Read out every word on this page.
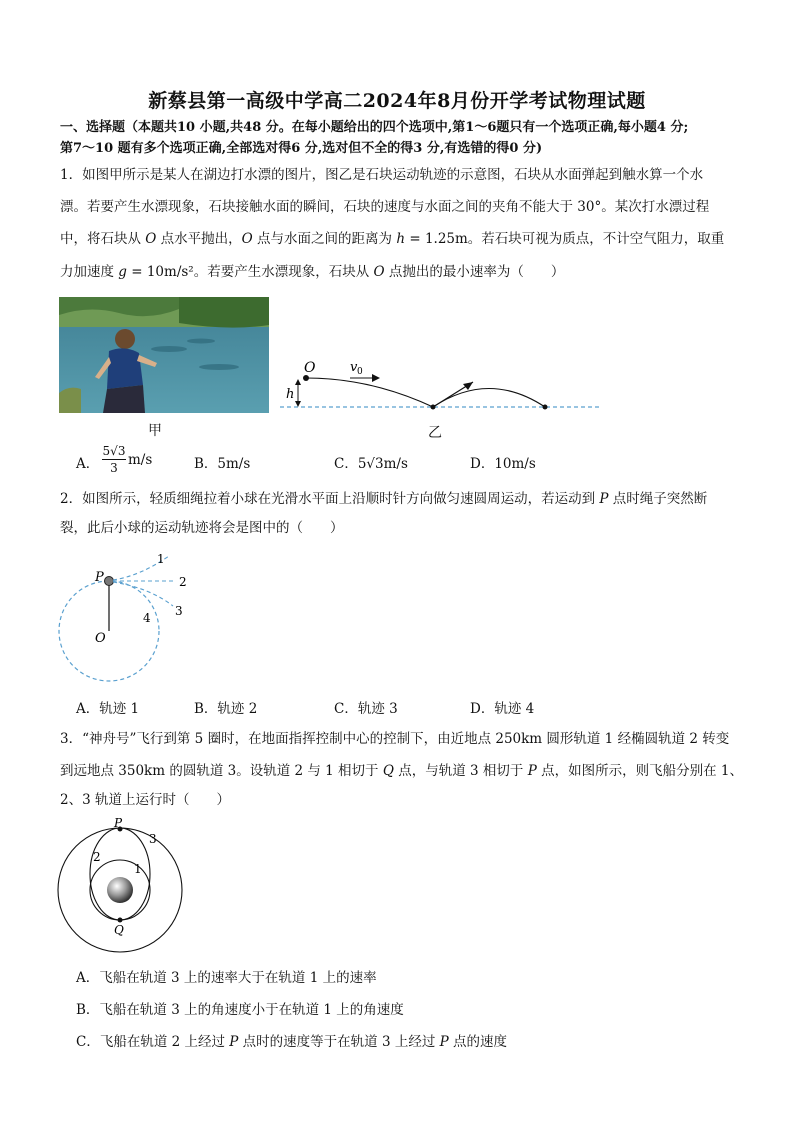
新蔡县第一高级中学高二2024年8月份开学考试物理试题
一、选择题（本题共10 小题,共48 分。在每小题给出的四个选项中,第1～6题只有一个选项正确,每小题4 分;
第7～10 题有多个选项正确,全部选对得6 分,选对但不全的得3 分,有选错的得0 分)
1．如图甲所示是某人在湖边打水漂的图片，图乙是石块运动轨迹的示意图，石块从水面弹起到触水算一个水
漂。若要产生水漂现象，石块接触水面的瞬间，石块的速度与水面之间的夹角不能大于 30°。某次打水漂过程
中，将石块从 O 点水平抛出，O 点与水面之间的距离为 h = 1.25m。若石块可视为质点，不计空气阻力，取重
力加速度 g = 10m/s²。若要产生水漂现象，石块从 O 点抛出的最小速率为（　　）
O	v 0
h
甲	乙
A．
5√3
3 m/s	B．5m/s	C．5√3m/s	D．10m/s
2．如图所示，轻质细绳拉着小球在光滑水平面上沿顺时针方向做匀速圆周运动，若运动到 P 点时绳子突然断
裂，此后小球的运动轨迹将会是图中的（　　）
P
O
1
2
3
4
A．轨迹 1	B．轨迹 2	C．轨迹 3	D．轨迹 4
3．“神舟号”飞行到第 5 圈时，在地面指挥控制中心的控制下，由近地点 250km 圆形轨道 1 经椭圆轨道 2 转变
到远地点 350km 的圆轨道 3。设轨道 2 与 1 相切于 Q 点，与轨道 3 相切于 P 点，如图所示，则飞船分别在 1、
2、3 轨道上运行时（　　）
P
Q
1
2
3
A．飞船在轨道 3 上的速率大于在轨道 1 上的速率
B．飞船在轨道 3 上的角速度小于在轨道 1 上的角速度
C．飞船在轨道 2 上经过 P 点时的速度等于在轨道 3 上经过 P 点的速度
